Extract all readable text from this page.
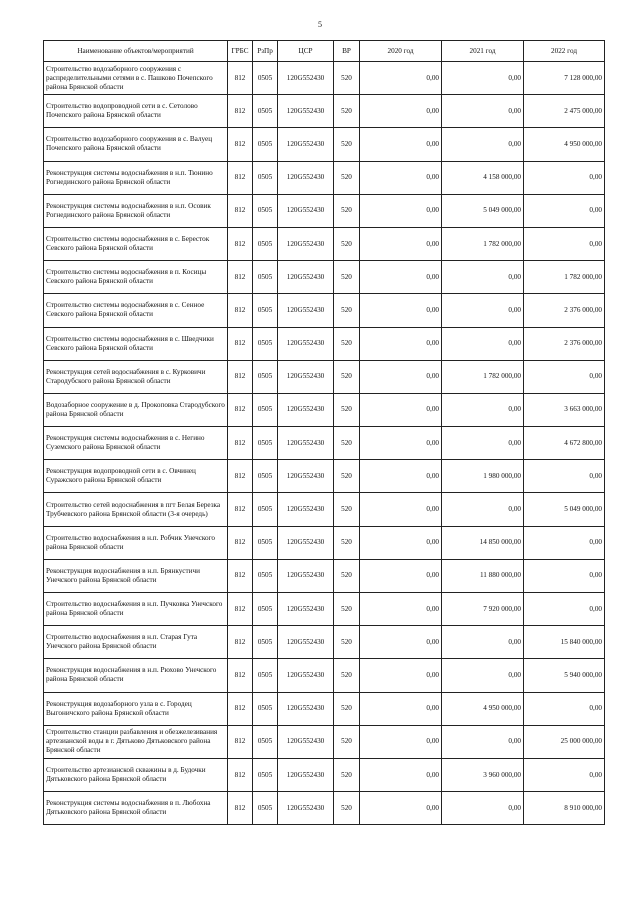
5
Наименование объектов/мероприятий	ГРБС	РзПр	ЦСР	ВР	2020 год	2021 год	2022 год
Строительство водозаборного сооружения с распределительными сетями в с. Пашково Почепского района Брянской области	812	0505	120G552430	520	0,00	0,00	7 128 000,00
Строительство водопроводной сети в с. Сетолово Почепского района Брянской области	812	0505	120G552430	520	0,00	0,00	2 475 000,00
Строительство водозаборного сооружения в с. Валуец Почепского района Брянской области	812	0505	120G552430	520	0,00	0,00	4 950 000,00
Реконструкция системы водоснабжения в н.п. Тюнино Рогнединского района Брянской области	812	0505	120G552430	520	0,00	4 158 000,00	0,00
Реконструкция системы водоснабжения в н.п. Осовик Рогнединского района Брянской области	812	0505	120G552430	520	0,00	5 049 000,00	0,00
Строительство системы водоснабжения в с. Бересток Севского района Брянской области	812	0505	120G552430	520	0,00	1 782 000,00	0,00
Строительство системы водоснабжения в п. Косицы Севского района Брянской области	812	0505	120G552430	520	0,00	0,00	1 782 000,00
Строительство системы водоснабжения в с. Сенное Севского района Брянской области	812	0505	120G552430	520	0,00	0,00	2 376 000,00
Строительство системы водоснабжения в с. Шведчики Севского района Брянской области	812	0505	120G552430	520	0,00	0,00	2 376 000,00
Реконструкция сетей водоснабжения в с. Курковичи Стародубского района Брянской области	812	0505	120G552430	520	0,00	1 782 000,00	0,00
Водозаборное сооружение в д. Прокоповка Стародубского района Брянской области	812	0505	120G552430	520	0,00	0,00	3 663 000,00
Реконструкция системы водоснабжения в с. Негино Суземского района Брянской области	812	0505	120G552430	520	0,00	0,00	4 672 800,00
Реконструкция водопроводной сети в с. Овчинец Суражского района Брянской области	812	0505	120G552430	520	0,00	1 980 000,00	0,00
Строительство сетей водоснабжения в пгт Белая Березка Трубчевского района Брянской области (3-я очередь)	812	0505	120G552430	520	0,00	0,00	5 049 000,00
Строительство водоснабжения в н.п. Робчик Унечского района Брянской области	812	0505	120G552430	520	0,00	14 850 000,00	0,00
Реконструкция водоснабжения в н.п. Брянкустичи Унечского района Брянской области	812	0505	120G552430	520	0,00	11 880 000,00	0,00
Строительство водоснабжения в н.п. Пучковка Унечского района Брянской области	812	0505	120G552430	520	0,00	7 920 000,00	0,00
Строительство водоснабжения в н.п. Старая Гута Унечского района Брянской области	812	0505	120G552430	520	0,00	0,00	15 840 000,00
Реконструкция водоснабжения в н.п. Рюхово Унечского района Брянской области	812	0505	120G552430	520	0,00	0,00	5 940 000,00
Реконструкция водозаборного узла в с. Городец Выгоничского района Брянской области	812	0505	120G552430	520	0,00	4 950 000,00	0,00
Строительство станции разбавления и обезжелезивания артезианской воды в г. Дятьково Дятьковского района Брянской области	812	0505	120G552430	520	0,00	0,00	25 000 000,00
Строительство артезианской скважины в д. Будочки Дятьковского района Брянской области	812	0505	120G552430	520	0,00	3 960 000,00	0,00
Реконструкция системы водоснабжения в п. Любохна Дятьковского района Брянской области	812	0505	120G552430	520	0,00	0,00	8 910 000,00
